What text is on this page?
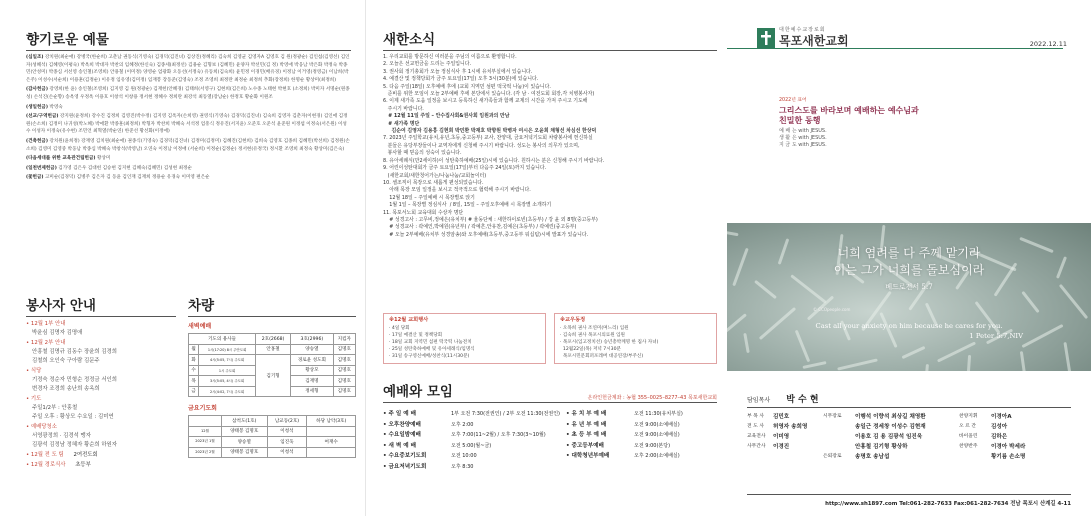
향기로운 예물

(십일조) 강치원(최순애) 강병국(한순희) 고춘남 권동식(기영숙) 김경덕(김진녀) 김상진(정혜리) 김숙희 김영균 김영자A 김영호 김 원(정광순) 김인섭(김영선) 김인자(성혜석) 김혜영(이평숙) 박옥희 박대자 박찬의 임혜정(한신숙) 김종세(최정선) 김용순 김형보 (김혜민) 윤양자 박선민(김 정) 박영애 박웅남 박은화 박정숙 박종민(안성미) 박종심 서선영 송인철(조영희) 안용철 (이미정) 양영순 엄광화 오동선(서정숙) 유동희(김숙희) 윤민정 이경민(배유경) 이정남 이거영(정영금) 이남희(박은주) 이성수(서순희) 이용훈(김정순) 이유정 임유영(김미정) 임재봉 장동준(김영숙) 조정 조영희 최정란 최정순 최정희 추화(장정희) 한명순 황상미(최정희)

(감사헌금) 강영희(한 윤) 송인철(조영희) 김지영 김 원(정광순) 김재헌(안혜경) 김태희(서영구) 김현희(김은희) 노수종 노태현 박현호 (소정희) 박미자 서명순(원종성) 손석진(손순향) 송옥영 우정옥 이용호 이창석 이창용 정서현 정혜수 정희란 최강석 최동열(장남순) 한정호 황순화 이원조

(생일헌금) 박영숙

(선교/구역헌금) 강지원(윤정희) 강수진 김정희 김영진(박수정) 김지영 김옥자(손희영) 권영식(기영숙) 김경덕(김진녀) 김숙희 김영자 김춘자(이현경) 김인애 김정원(손소희) 김정미 나귀성(박노혜) 박애환 박종훈(최정희) 박형자 박찬희 박혜숙 서석정 엄흥식 정유진(서지윤) 오준호 오준석 윤준원 이정섭 이정숙(서은원) 이성수 이성자 이정숙(유수현) 조민언 최혁열(박순연) 한준선 황선화(이정애)

(건축헌금) 강치원(윤희정) 강재영 김치원(최순애) 권종식(기영숙) 김경덕(김진녀) 김정미(김정미) 김혜진(김현희) 김희숙 김영호 김종희 김혜민(박선희) 김정원(손소희) 김영미 김영중 박웅남 박종심 박혜숙 박창석(박영남) 오연숙 이정남 이정애 (서순희) 이정순(김정순) 정서현(유정국) 정시환 조영희 최정숙 황상미(김은숙)

(다음세대를 위한 교육관건립헌금) 황상미

(일천번제헌금) 김가영 김은우 김대헌 김승현 김지현 김혜숙(김혜민) 김성현 최정순

(꽃헌금) 고미순(김경덕) 김병주 김은자 김 동윤 김인재 김재희 정용순 유경숙 이미영 편은순

봉사자 안내
• 12월 1부 안내
박윤심 김명자 김명애
• 12월 2부 안내
안흥철 김명규 김동수 장윤희 김경희
김철희 오인숙 구아람 김문주
• 식당
기정숙 정순자 민형순 정정금 서인희
변경자 조경희 송난희 송옥희
• 기도
주일1/2부 : 안홍철
주일 오후 : 황상모 수요일 : 김미연
• 예배당청소
서영광정희 · 김경석 맹자
김광석 김정남 정혜자 황순희 하원자
• 12월 전 도 팀 2여전도회
• 12월 경로식사 초등부
차량
새벽예배
기도의 용사들		2호(2668)	3호(2996)	지킴자
월	1시(17:20) 8시 주안도회	안홍철	양승열	김명호
화	4시(5:05, 7시) 주도회	김기형	경로윤 성도회	김명호
수	1시 주도회		황상모	김명호
목	3시(5:05, 4시) 주도회		김재명	김명호
금	2시(4:02, 7시) 주도회		정세형	김명호
금요기도회
	삼척도(1호)	남교동(2호)	하당 남악(3호)
12월	양태봉 김명호	이청석	
2023년 1월	양승열	임진욱	여재수
2023년 2월	양태봉 김명호	이청석	
새한소식
1. 우리교회를 방문하신 여러분을 주님의 이름으로 환영합니다.
2. 오늘은 선교헌금을 드리는 주일입니다.
3. 권사회 정기총회가 오늘 정심식사 후 1시에 유치부실에서 있습니다.
4. 예결산 및 정책당회가 금주 토요일(17일) 오후 3시(30분)에 있습니다.
5. 다음 주일(18일) 오후예배 후에 (교회 지역민 섬편 떡국떡 나눔)이 있습니다.
준비를 위한 모임이 오늘 2부예배 후에 본당에서 있습니다. (각 남 · 여전도회 회장,각 치병봉사자)
6. 이제 새가족 도움 일정을 보시고 등록하신 새가족들과 함께 교제의 시간을 가져 주시고 기도해
주시기 바랍니다.
# 12월 11일 주일 – 안수집사회&권사회 임원과의 만남
# 새가족 명단
김순여 김영자 김용흥 김현희 박민환 박재호 박향원 박병자 여시은 오윤희 채형선 차심선 한상덕
7. 2023년 주일학교(유치,유년,초등,중고등부) 교사, 찬양대, 금요저녁기도회 차량봉사에 헌신하실
분들은 유당부장들이나 교역자에게 신청해 주시기 바랍니다. 성도는 봉사의 의무가 있으며,
봉사할 때 믿음의 성숙이 있습니다.
8. 유아세례식(만2세이하)이 성탄축하예배(25일)시에 있습니다. 원하시는 분은 신청해 주시기 바랍니다.
9. 어린이성탄대회가 금주 토요일(17일)부터 다음주 24일(토)까지 있습니다.
(새한교회/새한청어가는/나눔나눔/교회놀이터)
10. 셀조직이 목장으로 새롭게 편성되었습니다.
아래 목장 모임 일정을 보시고 적극적으로 협력해 주시기 바랍니다.
12월 18일 – 주일예배 시 목장별로 앉기
1월 1일 – 목장별 정심식사  / 8일, 15일 – 주일오후예배 시 목장별 소개하기
11. 목포서노회 교육대회 수상자 명단
# 성경고사 : 고무비,정예은(유치부) # 율동단체 : 새한하이로빈(초등부) / 강 윤 외 8명(중고등부)
# 성경교사 : 곽예인,박예원(유년부) / 곽예흔,안유찬,김예은(초등부) / 곽예린(중고등부)
# 오늘 2부예배(유치부 성경암송)와 오후예배(초등부,중고등부 워십팀)시에 발표가 있습니다.
※12월 교회행사
· 4일 당회
· 17일 예결산 및 정책당회
· 18일 교회 지역민 섬편 떡국떡 나눔전치
· 25일 성탄축하예배 및 유아세례식/임명식
· 31일 송구영신예배/성찬식(11시30분)
※교우동정
· 오목희 권사 조연미(며느리) 입원
· 김숙희 권사 목포시의료원 입원
· 목포시(입고정치선) 승년총박께명 한 집사 자녀)
12월22일(목) 저녁 7시30분
목포시민문회퍼포레버 대공연장/부주신)
예배와 모임	온라인헌금계좌 : 농협 355–0025–8277–43 목포새한교회
• 주 일 예 배	1부 오전 7:30(전권인) / 2부 오전 11:30(전권인)
• 오후찬양예배	오후 2:00
• 수요일밤예배	오후 7:00(11~2월) / 오후 7:30(3~10월)
• 새 벽 예 배	오전 5:00(월~금)
• 수요중보기도회	오전 10:00
• 금요저녁기도회	오후 8:30
• 유 치 부 예 배	오전 11:30(유치부실)
• 유 년 부 예 배	오전 9:00(소예배실)
• 초 등 부 예 배	오전 9:00(소예배실)
• 중고등부예배	오전 9:00(본당)
• 대학청년부예배	오후 2:00(소예배실)
대한예수교장로회
목포새한교회	2022.12.11
2022년 표어
그리스도를 바라보며 예배하는 예수님과 친밀한 동행
예 배 는 with JESUS.
생 활 은 with JESUS.
지 금 도 with JESUS.
너희 염려를 다 주께 맡기라
이는 그가 너희를 돌보심이라
베드로전서 5:7
Cast all your anxiety on him because he cares for you.
1 Peter 5:7,NIV
© CCOpeople.com
담임목사 박 수 현
부 목 사	김민호	시무장로	이행석 이향석 최상길 채영환	찬양지휘	이경아A
전 도 사	허영자 송희영	송일근 정세창 이성수 김현재	오 르 간	김성아
교육전사	이미영	이용호 김 용 김광석 임진욱	바이올린	김하은
사무간사	이경진	안홍철 김기형 황상하	찬양반주	이경아 박세라
은퇴장로	송명호 송남섭	황기름 손소명
http://www.sh1897.com Tel:061-282-7633 Fax:061-282-7634 전남 목포시 산계길 4-11
